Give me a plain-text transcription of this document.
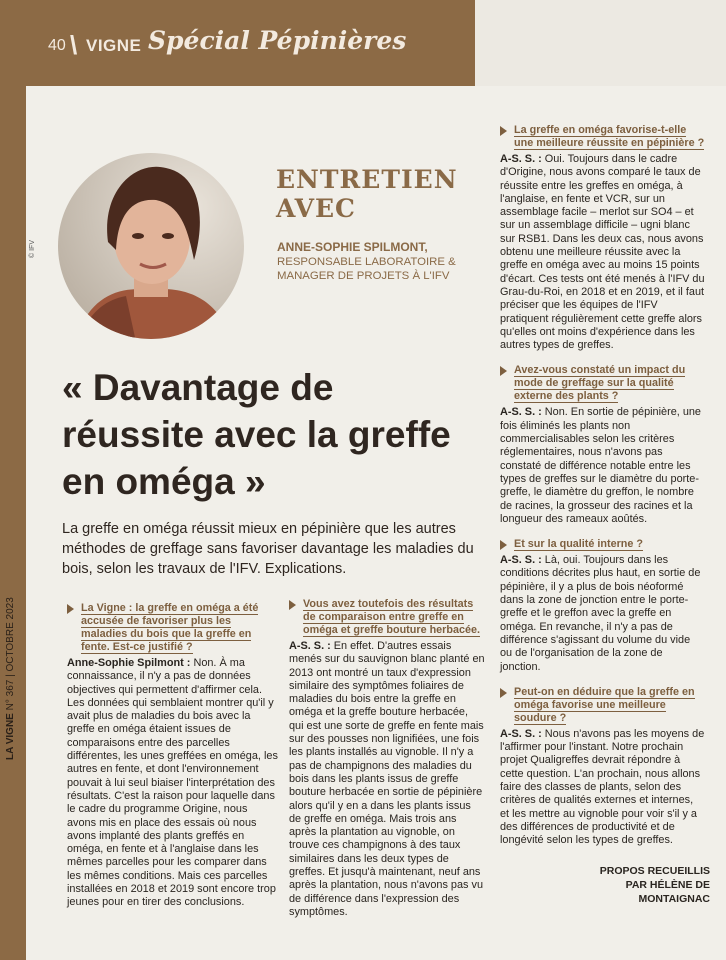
40 \ VIGNE Spécial Pépinières
LA VIGNE N° 367 | OCTOBRE 2023
© IFV
ENTRETIEN
AVEC
ANNE-SOPHIE SPILMONT,
RESPONSABLE LABORATOIRE & MANAGER DE PROJETS À L'IFV
« Davantage de réussite avec la greffe en oméga »

La greffe en oméga réussit mieux en pépinière que les autres méthodes de greffage sans favoriser davantage les maladies du bois, selon les travaux de l'IFV. Explications.

La Vigne : la greffe en oméga a été accusée de favoriser plus les maladies du bois que la greffe en fente. Est-ce justifié ?

Anne-Sophie Spilmont : Non. À ma connaissance, il n'y a pas de données objectives qui permettent d'affirmer cela. Les données qui semblaient montrer qu'il y avait plus de maladies du bois avec la greffe en oméga étaient issues de comparaisons entre des parcelles différentes, les unes greffées en oméga, les autres en fente, et dont l'environnement pouvait à lui seul biaiser l'interprétation des résultats. C'est la raison pour laquelle dans le cadre du programme Origine, nous avons mis en place des essais où nous avons implanté des plants greffés en oméga, en fente et à l'anglaise dans les mêmes parcelles pour les comparer dans les mêmes conditions. Mais ces parcelles installées en 2018 et 2019 sont encore trop jeunes pour en tirer des conclusions.

Vous avez toutefois des résultats de comparaison entre greffe en oméga et greffe bouture herbacée.

A-S. S. : En effet. D'autres essais menés sur du sauvignon blanc planté en 2013 ont montré un taux d'expression similaire des symptômes foliaires de maladies du bois entre la greffe en oméga et la greffe bouture herbacée, qui est une sorte de greffe en fente mais sur des pousses non lignifiées, une fois les plants installés au vignoble. Il n'y a pas de champignons des maladies du bois dans les plants issus de greffe bouture herbacée en sortie de pépinière alors qu'il y en a dans les plants issus de greffe en oméga. Mais trois ans après la plantation au vignoble, on trouve ces champignons à des taux similaires dans les deux types de greffes. Et jusqu'à maintenant, neuf ans après la plantation, nous n'avons pas vu de différence dans l'expression des symptômes.

La greffe en oméga favorise-t-elle une meilleure réussite en pépinière ?

A-S. S. : Oui. Toujours dans le cadre d'Origine, nous avons comparé le taux de réussite entre les greffes en oméga, à l'anglaise, en fente et VCR, sur un assemblage facile – merlot sur SO4 – et sur un assemblage difficile – ugni blanc sur RSB1. Dans les deux cas, nous avons obtenu une meilleure réussite avec la greffe en oméga avec au moins 15 points d'écart. Ces tests ont été menés à l'IFV du Grau-du-Roi, en 2018 et en 2019, et il faut préciser que les équipes de l'IFV pratiquent régulièrement cette greffe alors qu'elles ont moins d'expérience dans les autres types de greffes.

Avez-vous constaté un impact du mode de greffage sur la qualité externe des plants ?

A-S. S. : Non. En sortie de pépinière, une fois éliminés les plants non commercialisables selon les critères réglementaires, nous n'avons pas constaté de différence notable entre les types de greffes sur le diamètre du porte-greffe, le diamètre du greffon, le nombre de racines, la grosseur des racines et la longueur des rameaux aoûtés.

Et sur la qualité interne ?

A-S. S. : Là, oui. Toujours dans les conditions décrites plus haut, en sortie de pépinière, il y a plus de bois néoformé dans la zone de jonction entre le porte-greffe et le greffon avec la greffe en oméga. En revanche, il n'y a pas de différence s'agissant du volume du vide ou de l'organisation de la zone de jonction.

Peut-on en déduire que la greffe en oméga favorise une meilleure soudure ?

A-S. S. : Nous n'avons pas les moyens de l'affirmer pour l'instant. Notre prochain projet Qualigreffes devrait répondre à cette question. L'an prochain, nous allons faire des classes de plants, selon des critères de qualités externes et internes, et les mettre au vignoble pour voir s'il y a des différences de productivité et de longévité selon les types de greffes.

PROPOS RECUEILLIS
PAR HÉLÈNE DE MONTAIGNAC
